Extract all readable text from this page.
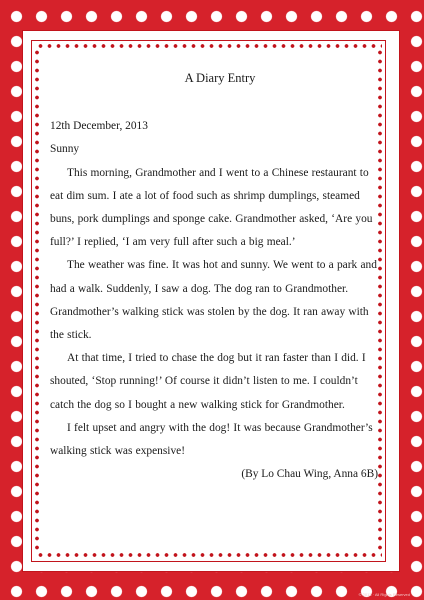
A Diary Entry

12th December, 2013

Sunny

This morning, Grandmother and I went to a Chinese restaurant to eat dim sum. I ate a lot of food such as shrimp dumplings, steamed buns, pork dumplings and sponge cake. Grandmother asked, ‘Are you full?’ I replied, ‘I am very full after such a big meal.’

The weather was fine. It was hot and sunny. We went to a park and had a walk. Suddenly, I saw a dog. The dog ran to Grandmother. Grandmother’s walking stick was stolen by the dog. It ran away with the stick.

At that time, I tried to chase the dog but it ran faster than I did. I shouted, ‘Stop running!’ Of course it didn’t listen to me. I couldn’t catch the dog so I bought a new walking stick for Grandmother.

I felt upset and angry with the dog! It was because Grandmother’s walking stick was expensive!

(By Lo Chau Wing, Anna 6B)

© 2013 · All Rights Reserved
